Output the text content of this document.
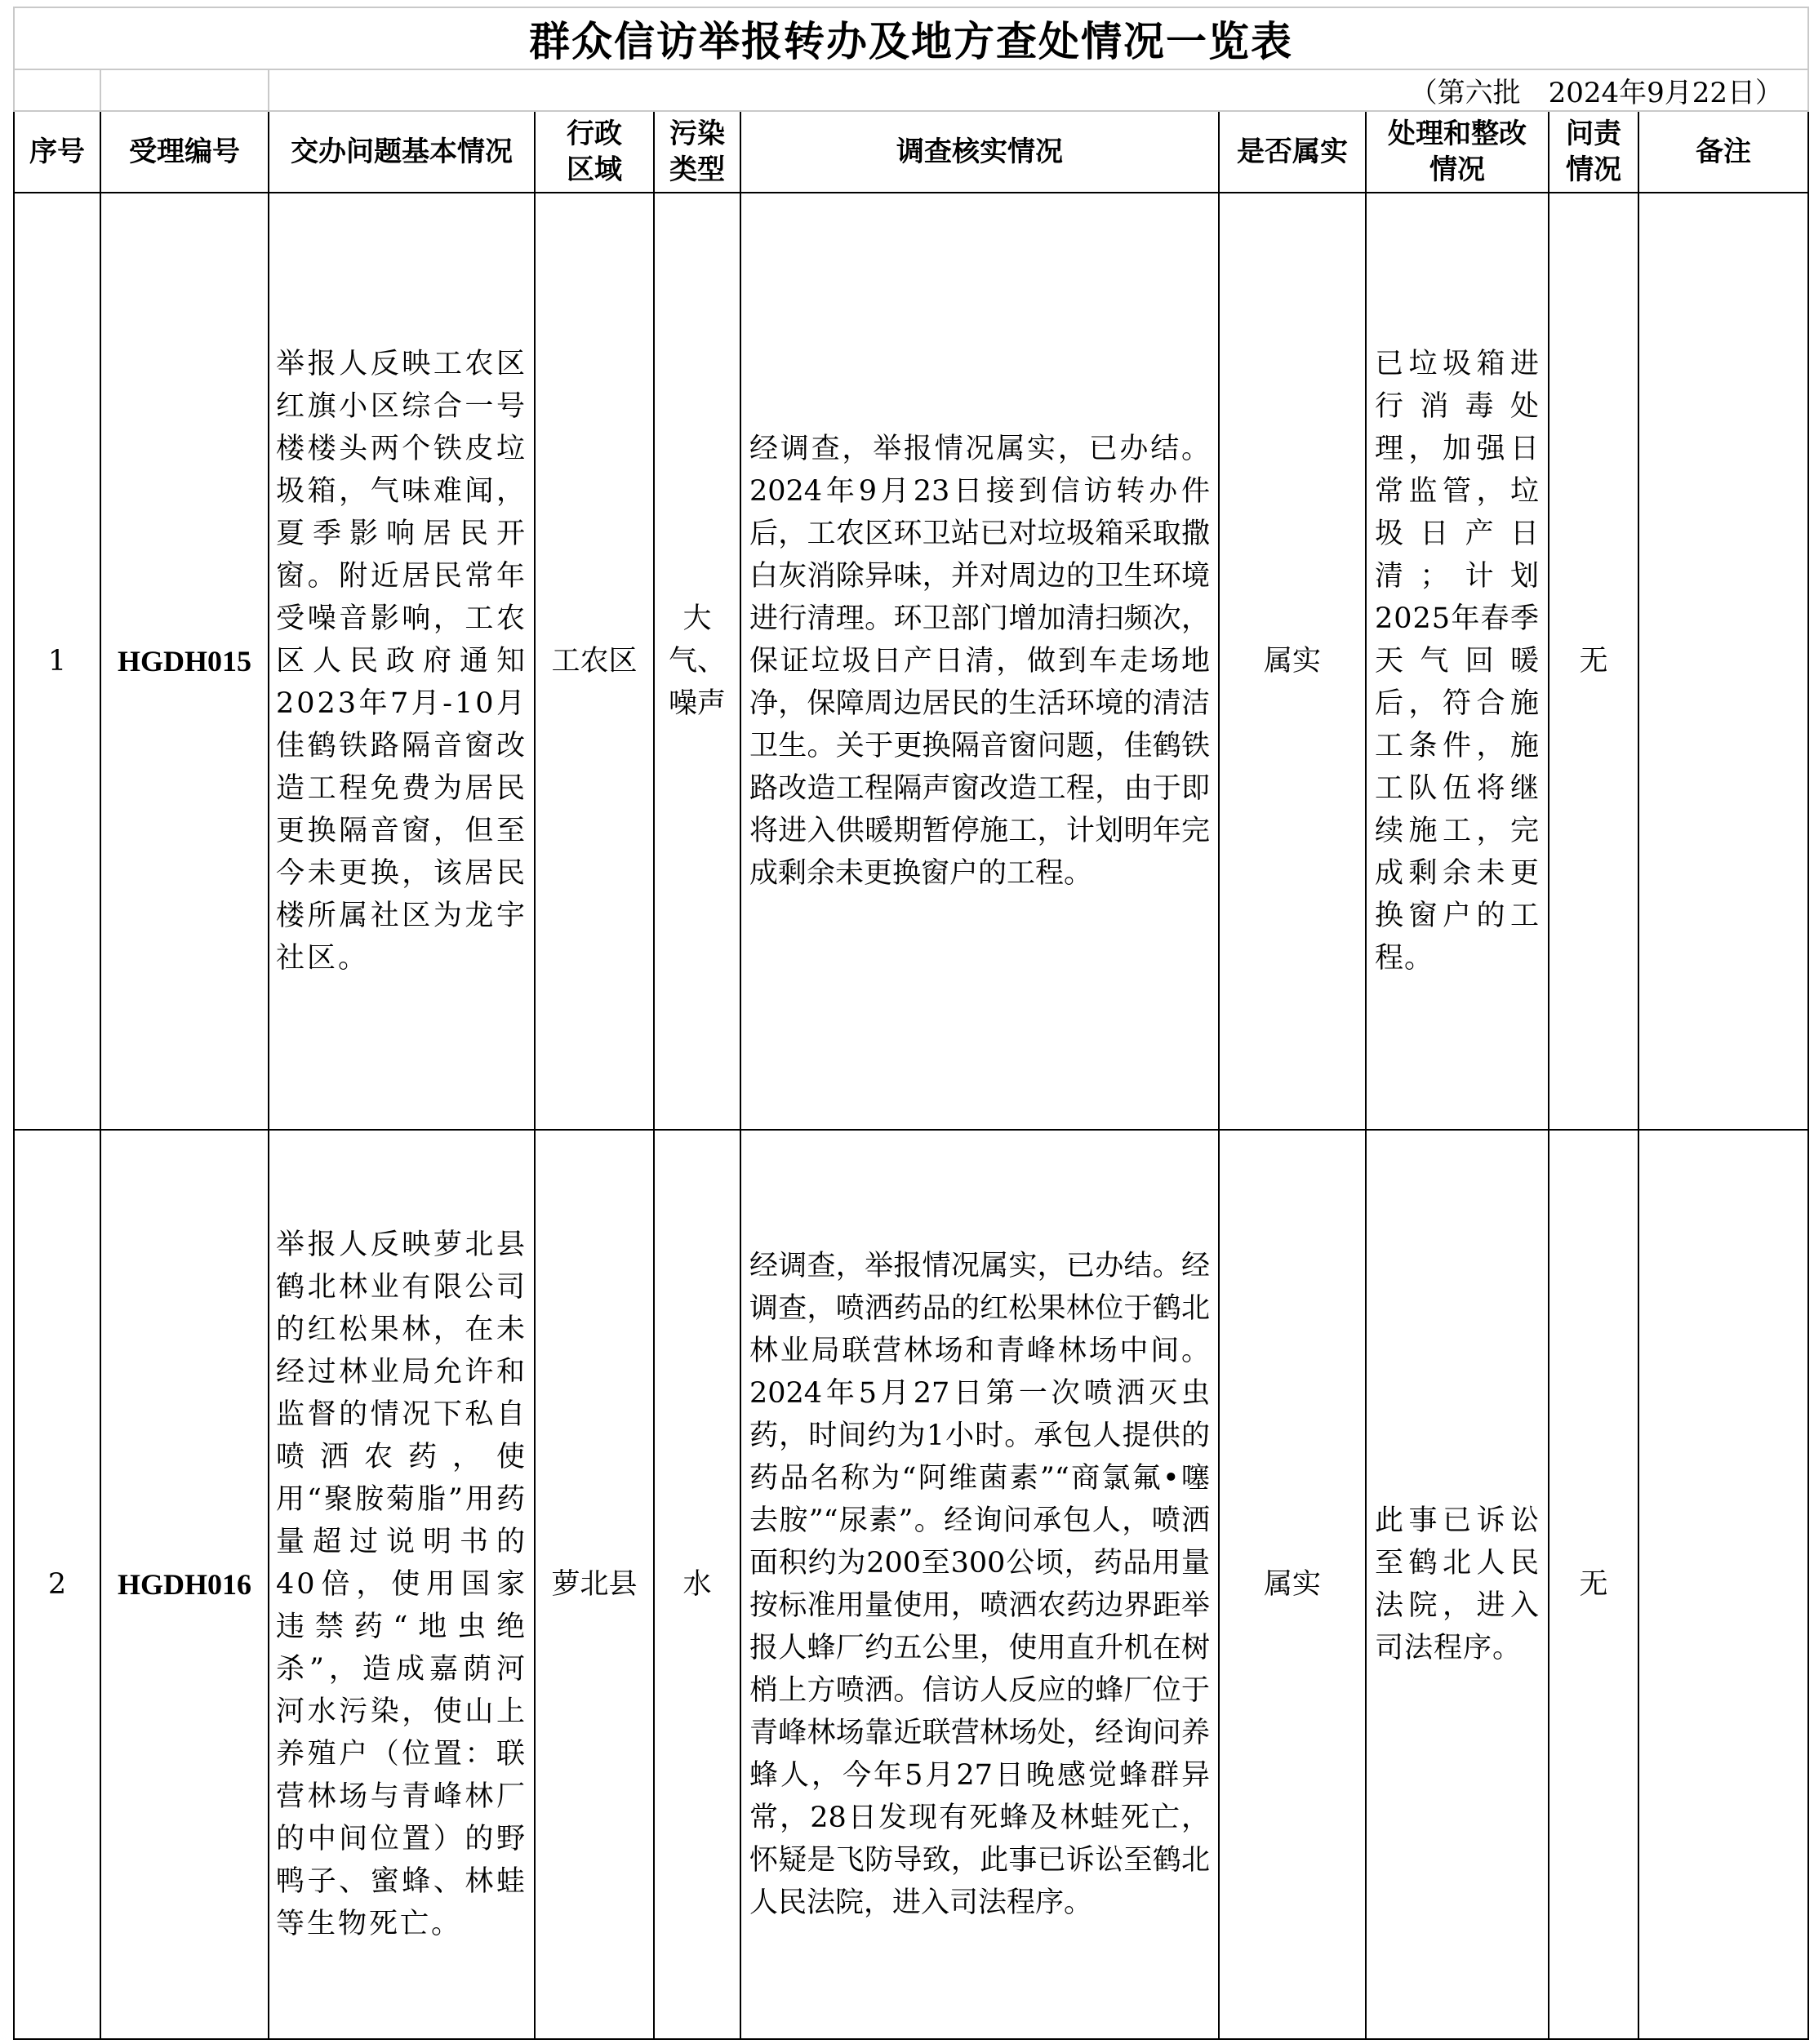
群众信访举报转办及地方查处情况一览表									
		（第六批　2024年9月22日）							
序号	受理编号	交办问题基本情况	行政区域	污染类型	调查核实情况	是否属实	处理和整改情况	问责情况	备注
1	HGDH015	举报人反映工农区红旗小区综合一号楼楼头两个铁皮垃圾箱，气味难闻，夏季影响居民开窗。附近居民常年受噪音影响，工农区人民政府通知2023年7月-10月佳鹤铁路隔音窗改造工程免费为居民更换隔音窗，但至今未更换，该居民楼所属社区为龙宇社区。	工农区	大气、噪声	经调查，举报情况属实，已办结。2024年9月23日接到信访转办件后，工农区环卫站已对垃圾箱采取撒白灰消除异味，并对周边的卫生环境进行清理。环卫部门增加清扫频次，保证垃圾日产日清，做到车走场地净，保障周边居民的生活环境的清洁卫生。关于更换隔音窗问题，佳鹤铁路改造工程隔声窗改造工程，由于即将进入供暖期暂停施工，计划明年完成剩余未更换窗户的工程。	属实	已垃圾箱进行消毒处理，加强日常监管，垃圾日产日清；计划2025年春季天气回暖后，符合施工条件，施工队伍将继续施工，完成剩余未更换窗户的工程。	无	
2	HGDH016	举报人反映萝北县鹤北林业有限公司的红松果林，在未经过林业局允许和监督的情况下私自喷洒农药，使用“聚胺菊脂”用药量超过说明书的40倍，使用国家违禁药“地虫绝杀”，造成嘉荫河河水污染，使山上养殖户（位置：联营林场与青峰林厂的中间位置）的野鸭子、蜜蜂、林蛙等生物死亡。	萝北县	水	经调查，举报情况属实，已办结。经调查，喷洒药品的红松果林位于鹤北林业局联营林场和青峰林场中间。2024年5月27日第一次喷洒灭虫药，时间约为1小时。承包人提供的药品名称为“阿维菌素”“商氯氟•噻去胺”“尿素”。经询问承包人，喷洒面积约为200至300公顷，药品用量按标准用量使用，喷洒农药边界距举报人蜂厂约五公里，使用直升机在树梢上方喷洒。信访人反应的蜂厂位于青峰林场靠近联营林场处，经询问养蜂人，今年5月27日晚感觉蜂群异常，28日发现有死蜂及林蛙死亡，怀疑是飞防导致，此事已诉讼至鹤北人民法院，进入司法程序。	属实	此事已诉讼至鹤北人民法院，进入司法程序。	无	
